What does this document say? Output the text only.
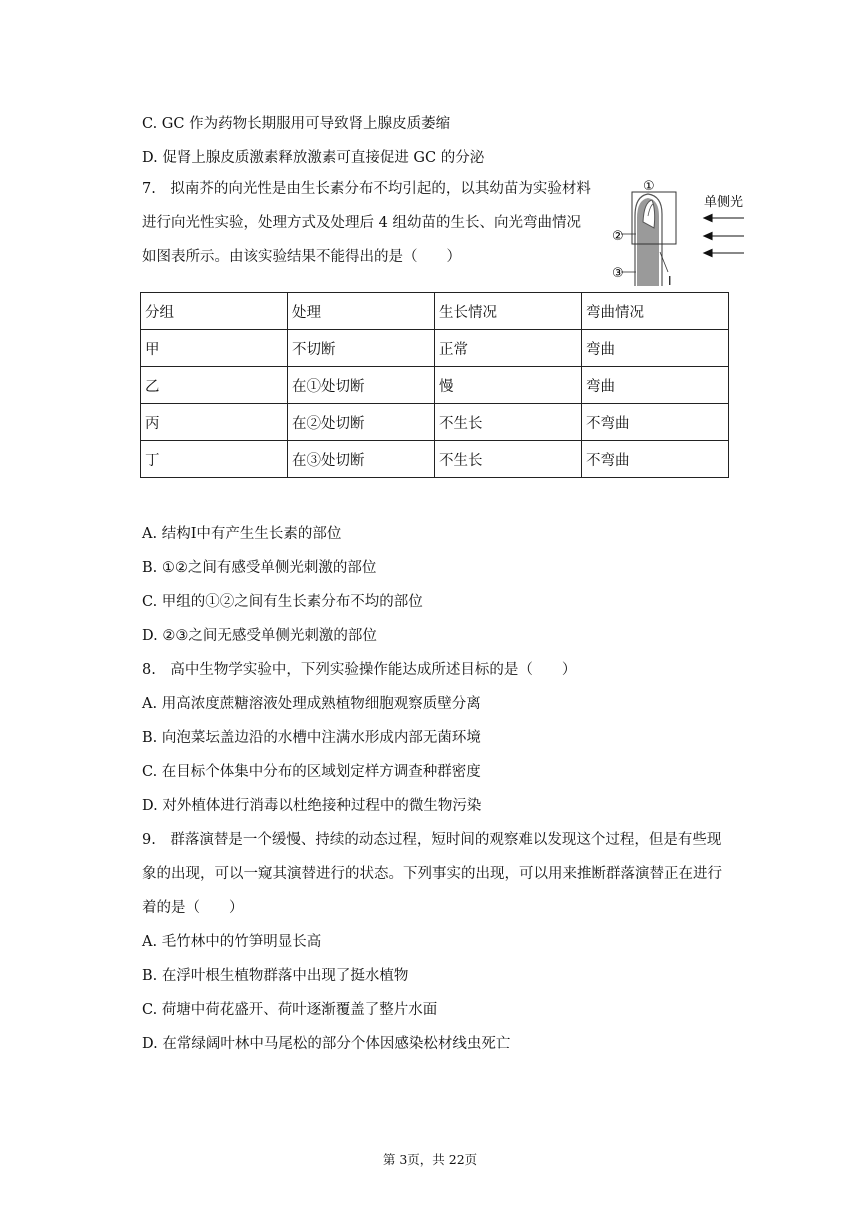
C. GC 作为药物长期服用可导致肾上腺皮质萎缩
D. 促肾上腺皮质激素释放激素可直接促进 GC 的分泌
7.　拟南芥的向光性是由生长素分布不均引起的，以其幼苗为实验材料
进行向光性实验，处理方式及处理后 4 组幼苗的生长、向光弯曲情况
如图表所示。由该实验结果不能得出的是（　　）
①
②
③	I
单侧光
分组	处理	生长情况	弯曲情况
甲	不切断	正常	弯曲
乙	在①处切断	慢	弯曲
丙	在②处切断	不生长	不弯曲
丁	在③处切断	不生长	不弯曲
A. 结构I中有产生生长素的部位
B. ①②之间有感受单侧光刺激的部位
C. 甲组的①②之间有生长素分布不均的部位
D. ②③之间无感受单侧光刺激的部位
8.　高中生物学实验中，下列实验操作能达成所述目标的是（　　）
A. 用高浓度蔗糖溶液处理成熟植物细胞观察质壁分离
B. 向泡菜坛盖边沿的水槽中注满水形成内部无菌环境
C. 在目标个体集中分布的区域划定样方调查种群密度
D. 对外植体进行消毒以杜绝接种过程中的微生物污染
9.　群落演替是一个缓慢、持续的动态过程，短时间的观察难以发现这个过程，但是有些现
象的出现，可以一窥其演替进行的状态。下列事实的出现，可以用来推断群落演替正在进行
着的是（　　）
A. 毛竹林中的竹笋明显长高
B. 在浮叶根生植物群落中出现了挺水植物
C. 荷塘中荷花盛开、荷叶逐渐覆盖了整片水面
D. 在常绿阔叶林中马尾松的部分个体因感染松材线虫死亡
第 3页，共 22页
